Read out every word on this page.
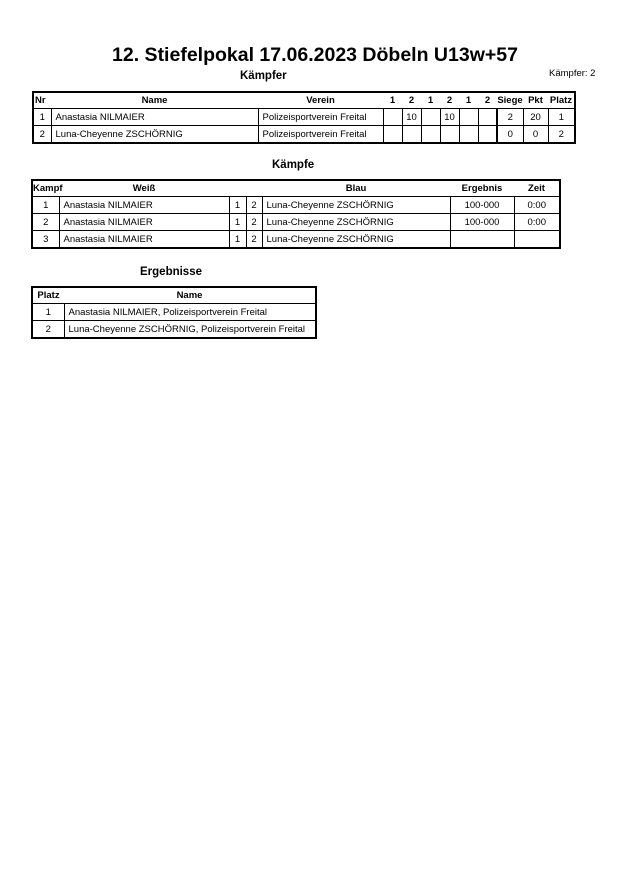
12. Stiefelpokal 17.06.2023 Döbeln U13w+57
Kämpfer	Kämpfer: 2
Nr	Name	Verein	1	2	1	2	1	2	Siege	Pkt	Platz
1	Anastasia NILMAIER	Polizeisportverein Freital		10		10			2	20	1
2	Luna-Cheyenne ZSCHÖRNIG	Polizeisportverein Freital							0	0	2
Kämpfe
Kampf	Weiß			Blau	Ergebnis	Zeit
1	Anastasia NILMAIER	1	2	Luna-Cheyenne ZSCHÖRNIG	100-000	0:00
2	Anastasia NILMAIER	1	2	Luna-Cheyenne ZSCHÖRNIG	100-000	0:00
3	Anastasia NILMAIER	1	2	Luna-Cheyenne ZSCHÖRNIG		
Ergebnisse
Platz	Name
1	Anastasia NILMAIER, Polizeisportverein Freital
2	Luna-Cheyenne ZSCHÖRNIG, Polizeisportverein Freital
